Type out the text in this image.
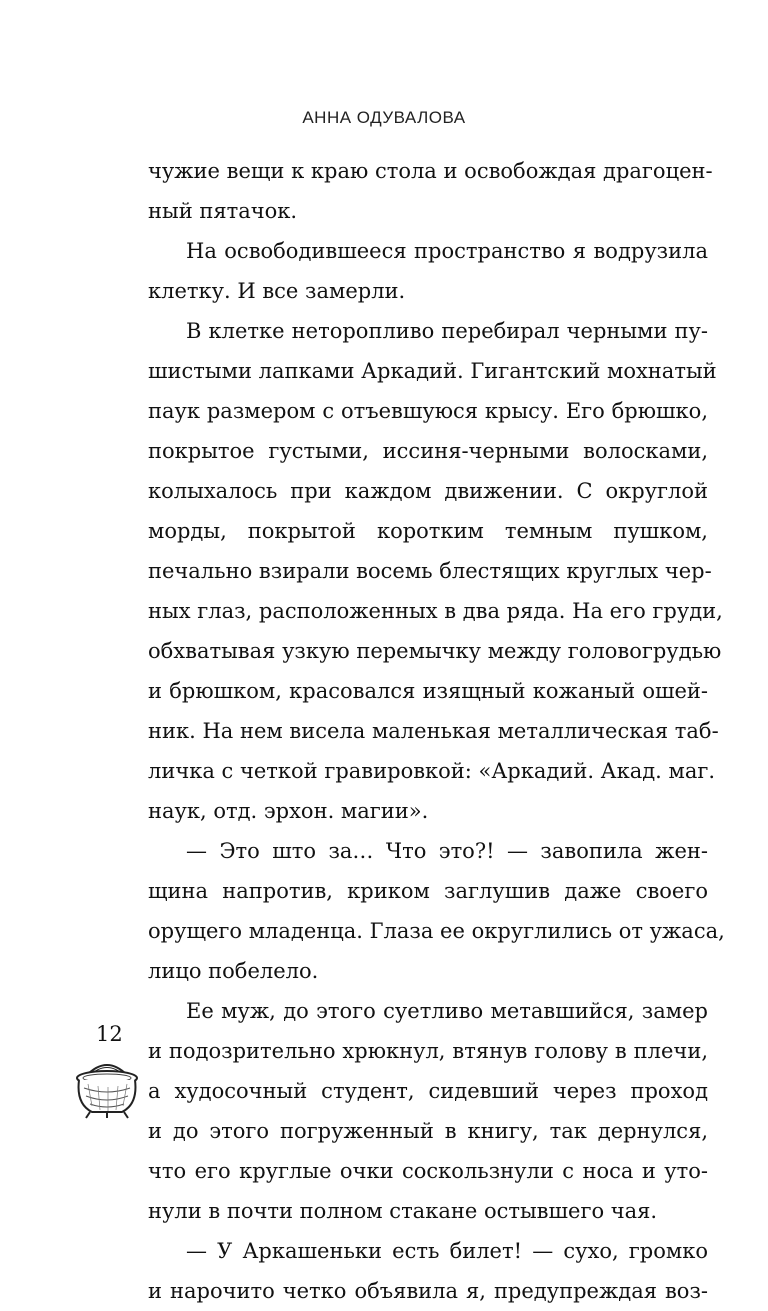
АННА ОДУВАЛОВА
чужие вещи к краю стола и освобождая драгоцен-
ный пятачок.
На освободившееся пространство я водрузила
клетку. И все замерли.
В клетке неторопливо перебирал черными пу-
шистыми лапками Аркадий. Гигантский мохнатый
паук размером с отъевшуюся крысу. Его брюшко,
покрытое густыми, иссиня-черными волосками,
колыхалось при каждом движении. С округлой
морды, покрытой коротким темным пушком,
печально взирали восемь блестящих круглых чер-
ных глаз, расположенных в два ряда. На его груди,
обхватывая узкую перемычку между головогрудью
и брюшком, красовался изящный кожаный ошей-
ник. На нем висела маленькая металлическая таб-
личка с четкой гравировкой: «Аркадий. Акад. маг.
наук, отд. эрхон. магии».
— Это што за… Что это?! — завопила жен-
щина напротив, криком заглушив даже своего
орущего младенца. Глаза ее округлились от ужаса,
лицо побелело.
Ее муж, до этого суетливо метавшийся, замер
и подозрительно хрюкнул, втянув голову в плечи,
а худосочный студент, сидевший через проход
и до этого погруженный в книгу, так дернулся,
что его круглые очки соскользнули с носа и уто-
нули в почти полном стакане остывшего чая.
— У Аркашеньки есть билет! — сухо, громко
и нарочито четко объявила я, предупреждая воз-
12
